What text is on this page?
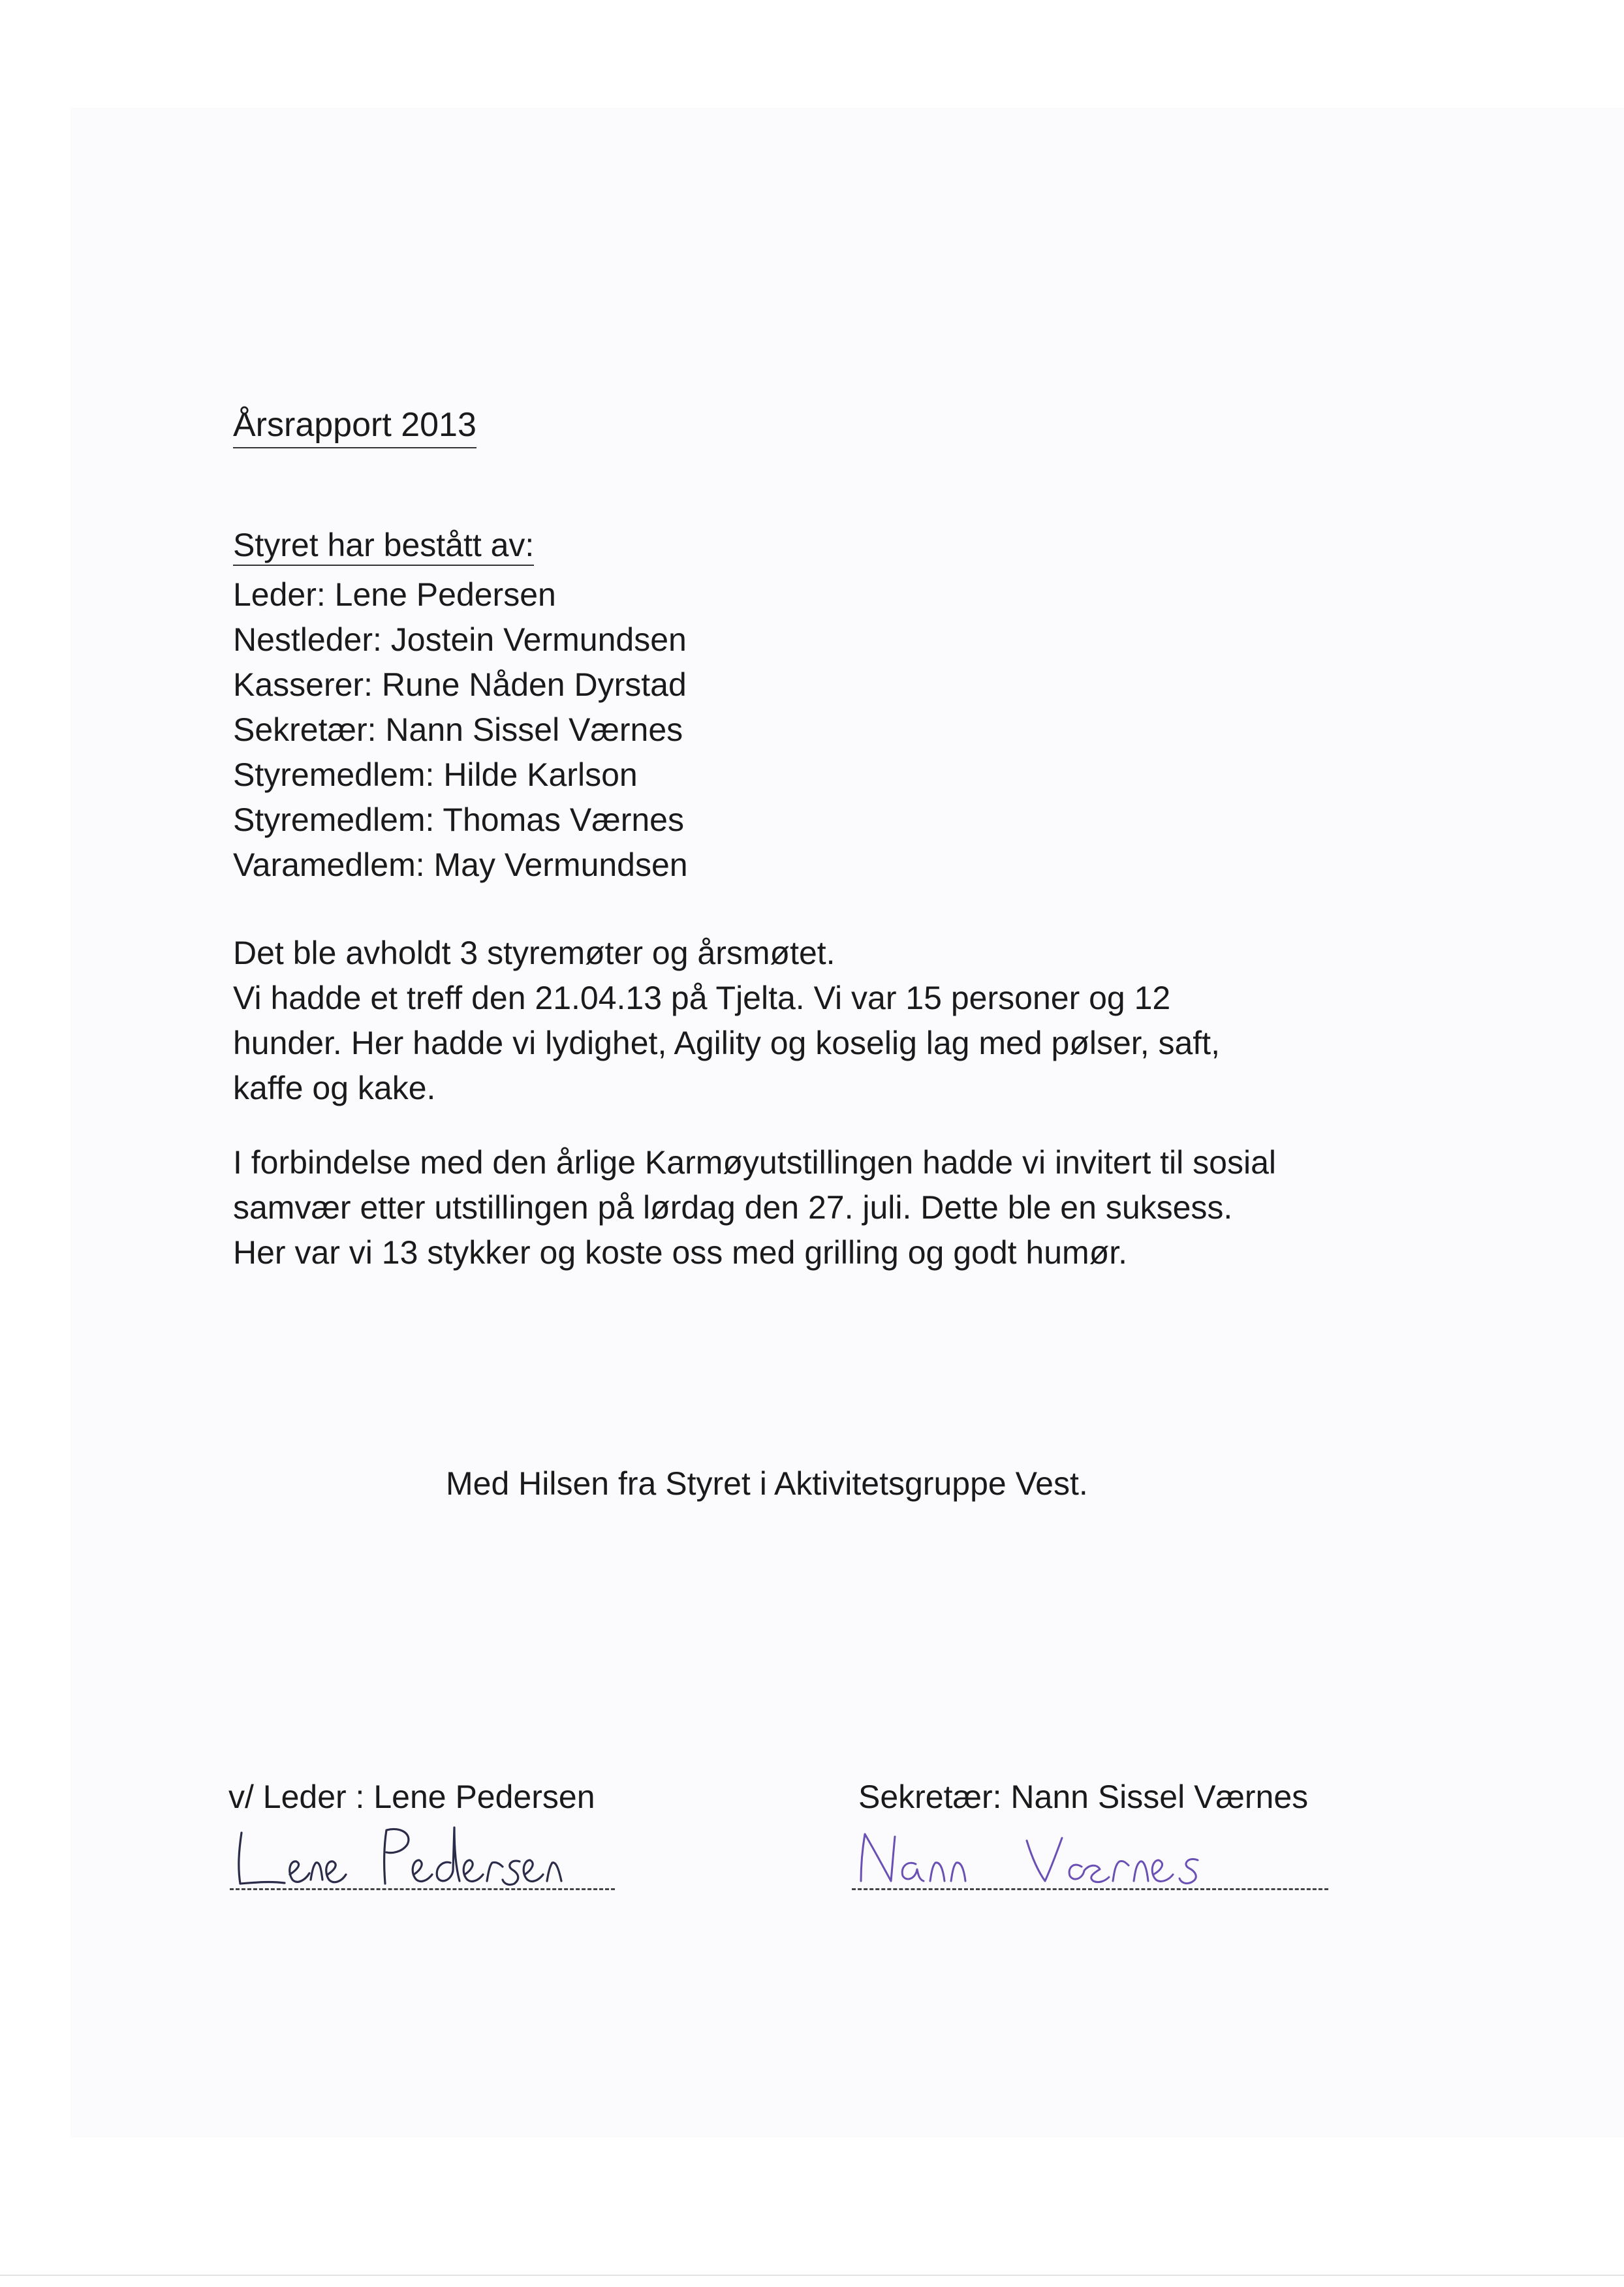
Årsrapport 2013
Styret har bestått av:
Leder: Lene Pedersen
Nestleder: Jostein Vermundsen
Kasserer: Rune Nåden Dyrstad
Sekretær: Nann Sissel Værnes
Styremedlem: Hilde Karlson
Styremedlem: Thomas Værnes
Varamedlem: May Vermundsen

Det ble avholdt 3 styremøter og årsmøtet.
Vi hadde et treff den 21.04.13 på Tjelta. Vi var 15 personer og 12
hunder. Her hadde vi lydighet, Agility og koselig lag med pølser, saft,
kaffe og kake.

I forbindelse med den årlige Karmøyutstillingen hadde vi invitert til sosial
samvær etter utstillingen på lørdag den 27. juli. Dette ble en suksess.
Her var vi 13 stykker og koste oss med grilling og godt humør.

Med Hilsen fra Styret i Aktivitetsgruppe Vest.
v/ Leder : Lene Pedersen	Sekretær: Nann Sissel Værnes
